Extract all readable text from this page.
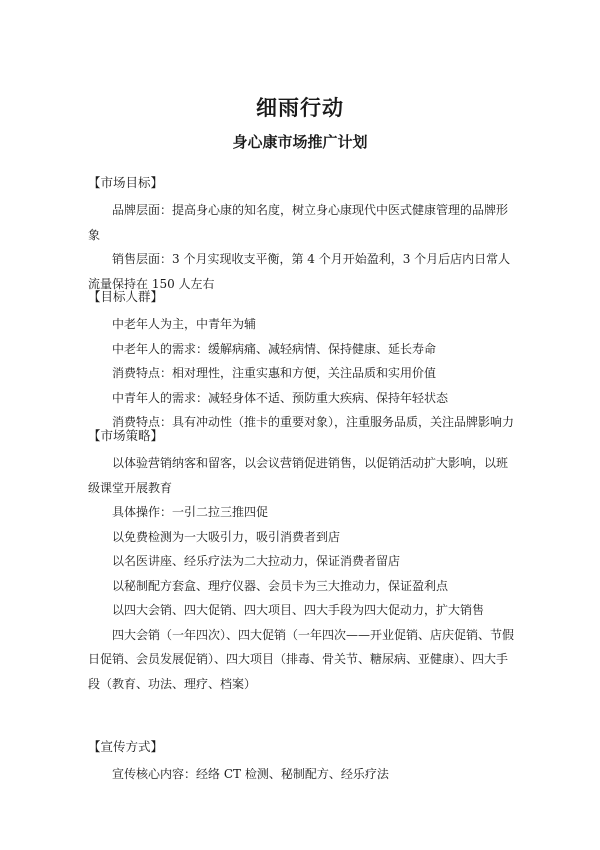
细雨行动
身心康市场推广计划
【市场目标】

品牌层面：提高身心康的知名度，树立身心康现代中医式健康管理的品牌形象

销售层面：3 个月实现收支平衡，第 4 个月开始盈利，3 个月后店内日常人流量保持在 150 人左右

【目标人群】

中老年人为主，中青年为辅

中老年人的需求：缓解病痛、减轻病情、保持健康、延长寿命

消费特点：相对理性，注重实惠和方便，关注品质和实用价值

中青年人的需求：减轻身体不适、预防重大疾病、保持年轻状态

消费特点：具有冲动性（推卡的重要对象），注重服务品质，关注品牌影响力

【市场策略】

以体验营销纳客和留客，以会议营销促进销售，以促销活动扩大影响，以班级课堂开展教育

具体操作：一引二拉三推四促

以免费检测为一大吸引力，吸引消费者到店

以名医讲座、经乐疗法为二大拉动力，保证消费者留店

以秘制配方套盒、理疗仪器、会员卡为三大推动力，保证盈利点

以四大会销、四大促销、四大项目、四大手段为四大促动力，扩大销售

四大会销（一年四次）、四大促销（一年四次——开业促销、店庆促销、节假日促销、会员发展促销）、四大项目（排毒、骨关节、糖尿病、亚健康）、四大手段（教育、功法、理疗、档案）

【宣传方式】

宣传核心内容：经络 CT 检测、秘制配方、经乐疗法
